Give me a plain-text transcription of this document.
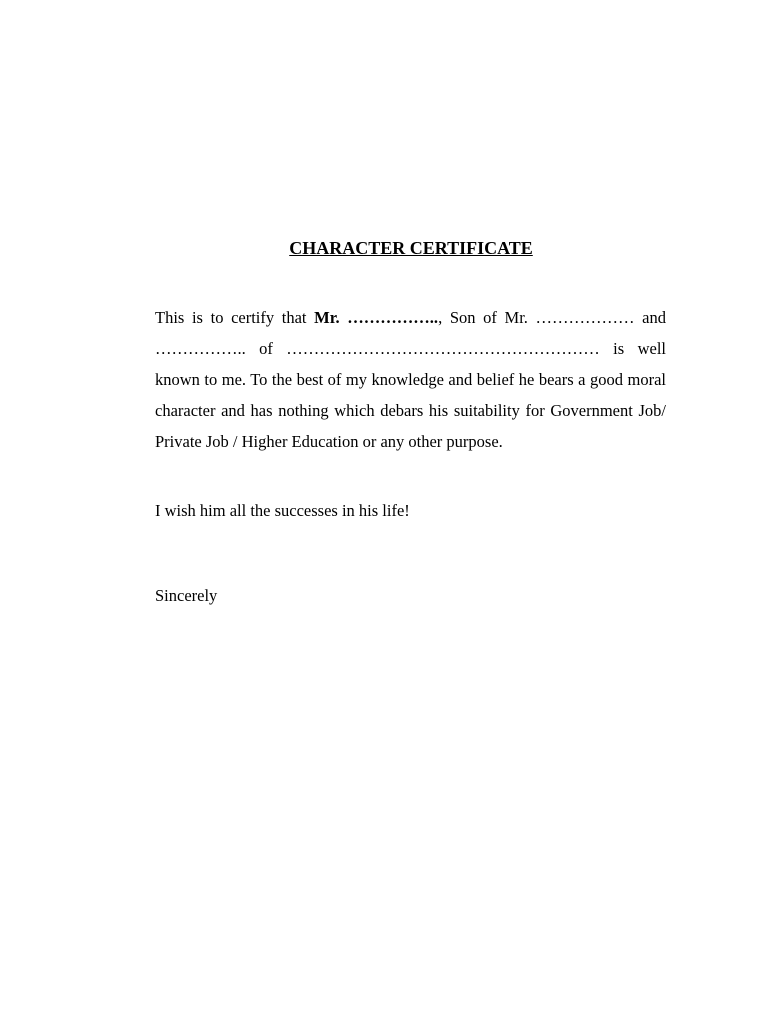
CHARACTER CERTIFICATE

This is to certify that Mr. …………….., Son of Mr. ……………… and …………….. of ………………………………………………… is well known to me. To the best of my knowledge and belief he bears a good moral character and has nothing which debars his suitability for Government Job/ Private Job / Higher Education or any other purpose.

I wish him all the successes in his life!

Sincerely
